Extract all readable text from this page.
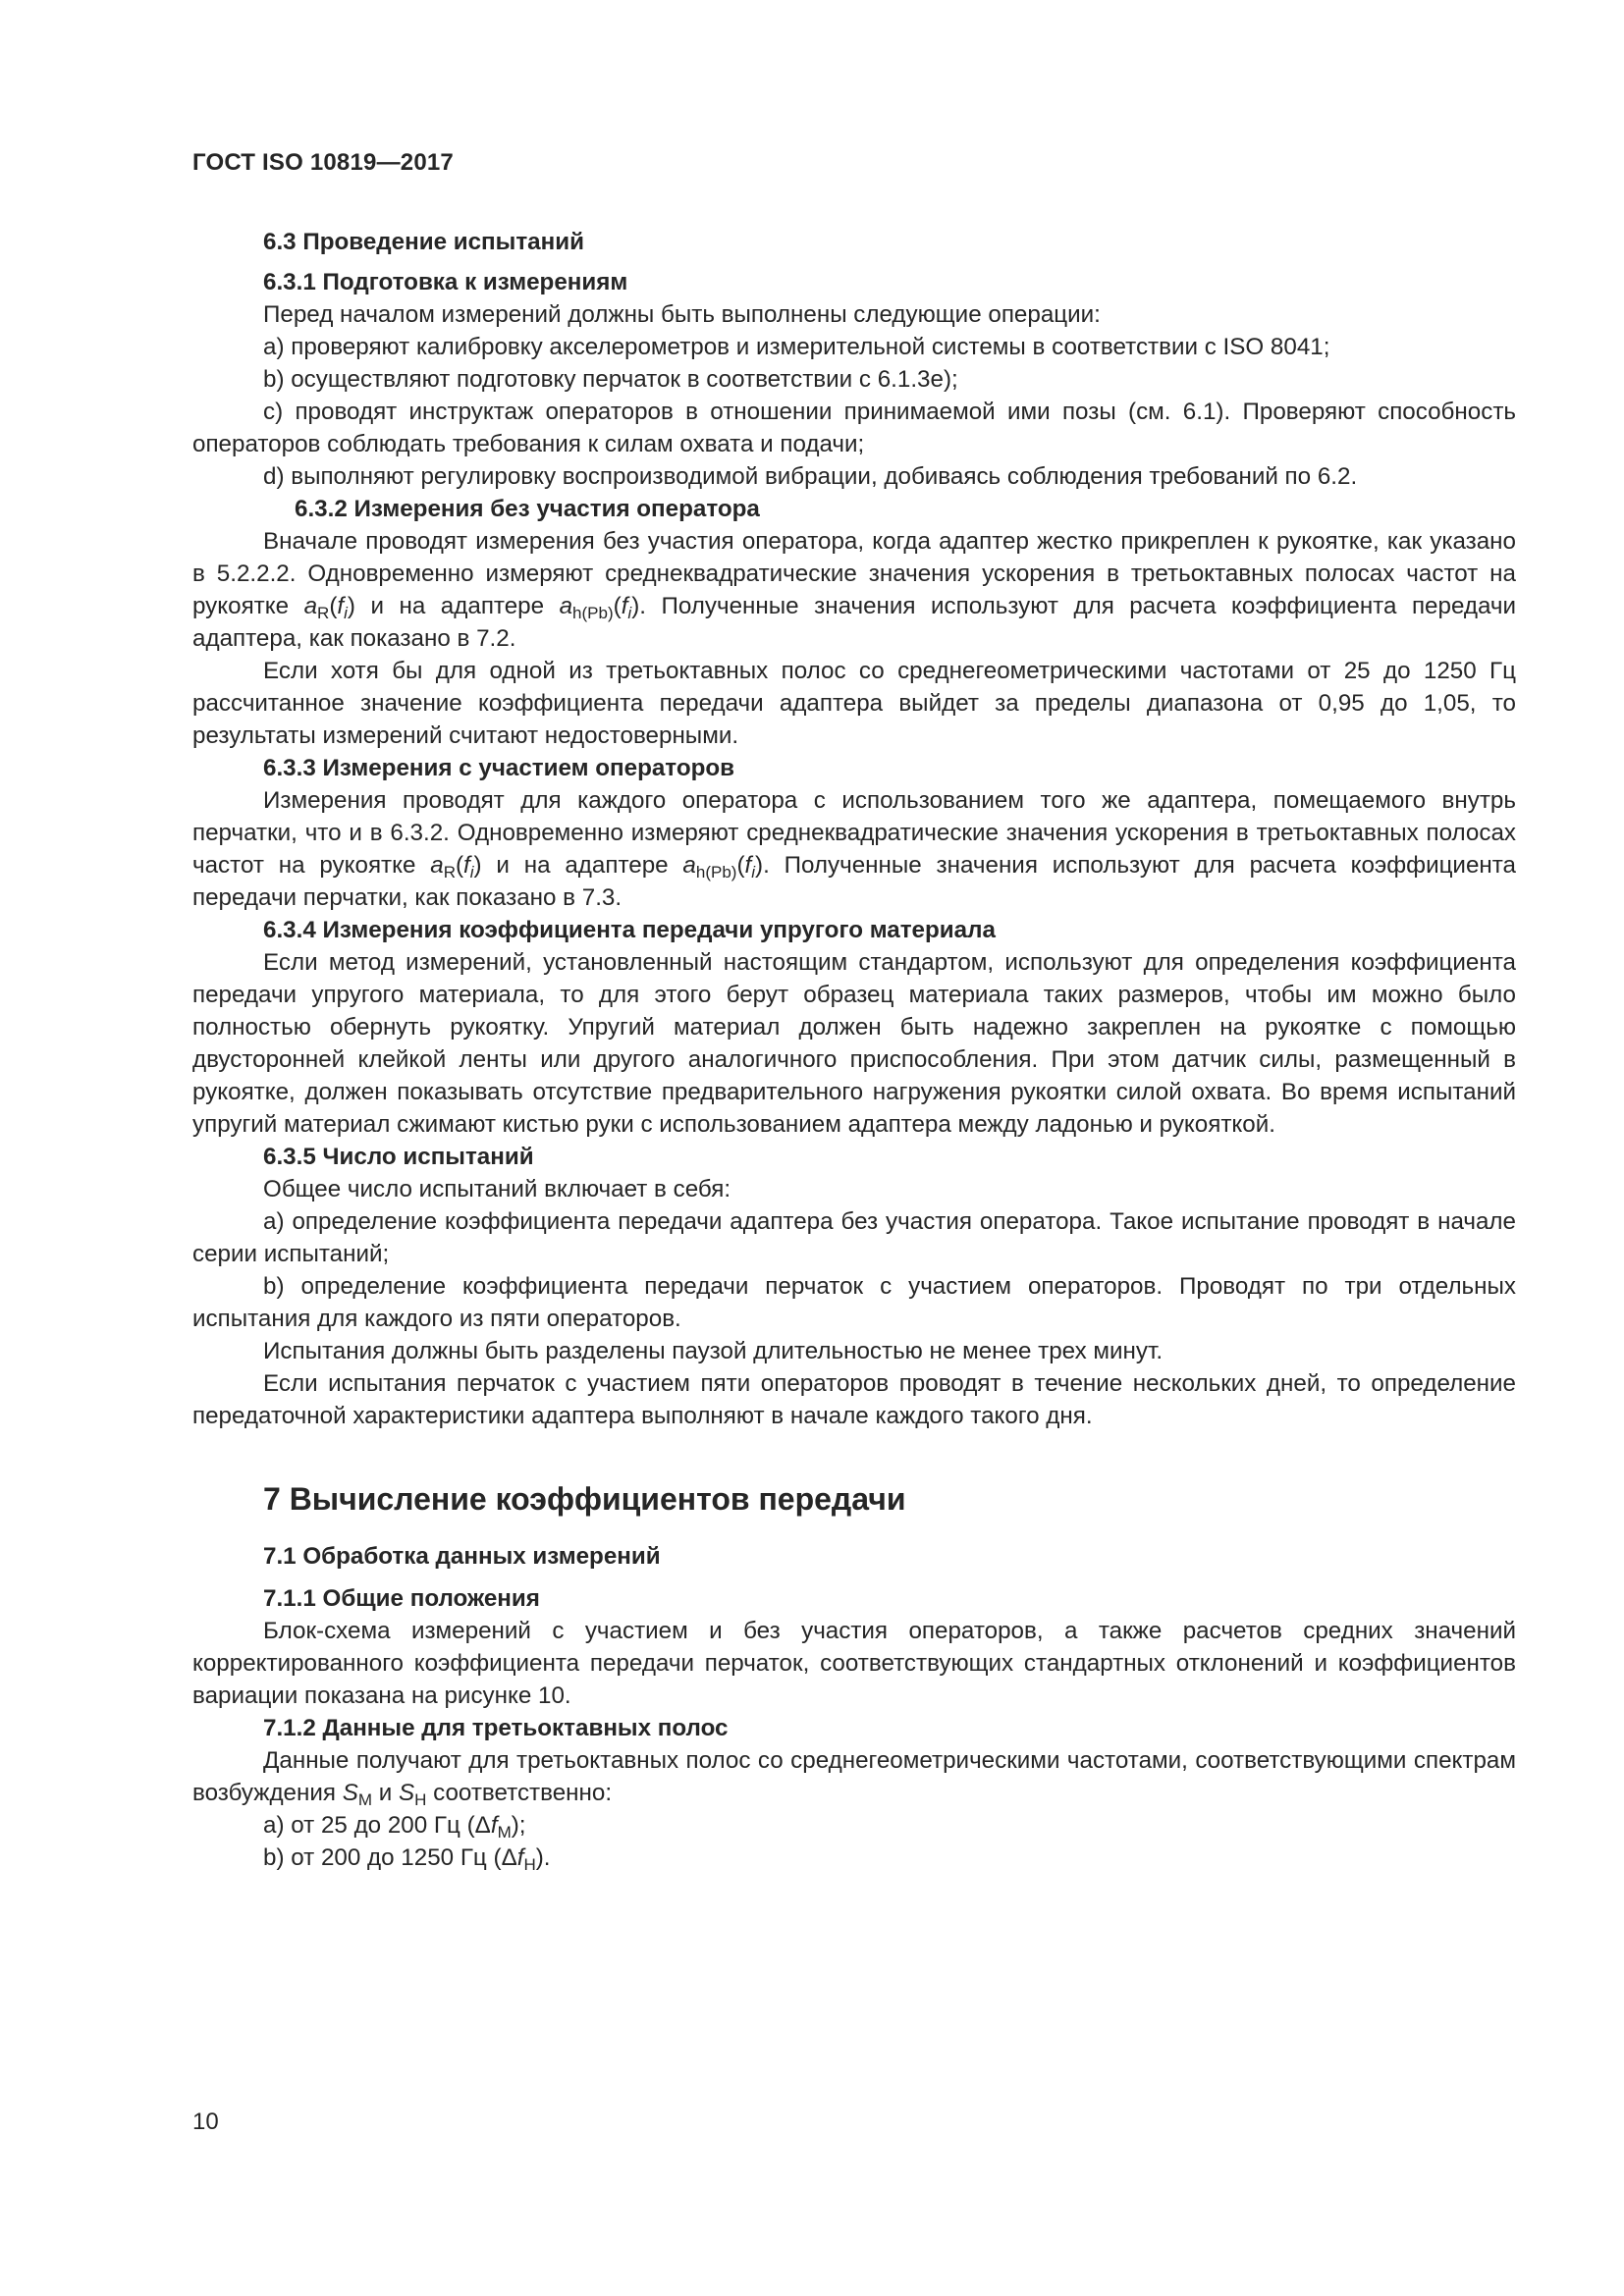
ГОСТ ISO 10819—2017
6.3 Проведение испытаний
6.3.1 Подготовка к измерениям

Перед началом измерений должны быть выполнены следующие операции:

a) проверяют калибровку акселерометров и измерительной системы в соответствии с ISO 8041;

b) осуществляют подготовку перчаток в соответствии с 6.1.3е);

c) проводят инструктаж операторов в отношении принимаемой ими позы (см. 6.1). Проверяют способность операторов соблюдать требования к силам охвата и подачи;

d) выполняют регулировку воспроизводимой вибрации, добиваясь соблюдения требований по 6.2.

6.3.2 Измерения без участия оператора

Вначале проводят измерения без участия оператора, когда адаптер жестко прикреплен к рукоятке, как указано в 5.2.2.2. Одновременно измеряют среднеквадратические значения ускорения в третьоктавных полосах частот на рукоятке $a_R(f_i)$ и на адаптере $a_{h(Pb)}(f_i)$. Полученные значения используют для расчета коэффициента передачи адаптера, как показано в 7.2.

Если хотя бы для одной из третьоктавных полос со среднегеометрическими частотами от 25 до 1250 Гц рассчитанное значение коэффициента передачи адаптера выйдет за пределы диапазона от 0,95 до 1,05, то результаты измерений считают недостоверными.

6.3.3 Измерения с участием операторов

Измерения проводят для каждого оператора с использованием того же адаптера, помещаемого внутрь перчатки, что и в 6.3.2. Одновременно измеряют среднеквадратические значения ускорения в третьоктавных полосах частот на рукоятке $a_R(f_i)$ и на адаптере $a_{h(Pb)}(f_i)$. Полученные значения используют для расчета коэффициента передачи перчатки, как показано в 7.3.

6.3.4 Измерения коэффициента передачи упругого материала

Если метод измерений, установленный настоящим стандартом, используют для определения коэффициента передачи упругого материала, то для этого берут образец материала таких размеров, чтобы им можно было полностью обернуть рукоятку. Упругий материал должен быть надежно закреплен на рукоятке с помощью двусторонней клейкой ленты или другого аналогичного приспособления. При этом датчик силы, размещенный в рукоятке, должен показывать отсутствие предварительного нагружения рукоятки силой охвата. Во время испытаний упругий материал сжимают кистью руки с использованием адаптера между ладонью и рукояткой.

6.3.5 Число испытаний

Общее число испытаний включает в себя:

a) определение коэффициента передачи адаптера без участия оператора. Такое испытание проводят в начале серии испытаний;

b) определение коэффициента передачи перчаток с участием операторов. Проводят по три отдельных испытания для каждого из пяти операторов.

Испытания должны быть разделены паузой длительностью не менее трех минут.

Если испытания перчаток с участием пяти операторов проводят в течение нескольких дней, то определение передаточной характеристики адаптера выполняют в начале каждого такого дня.

7 Вычисление коэффициентов передачи
7.1 Обработка данных измерений
7.1.1 Общие положения

Блок-схема измерений с участием и без участия операторов, а также расчетов средних значений корректированного коэффициента передачи перчаток, соответствующих стандартных отклонений и коэффициентов вариации показана на рисунке 10.

7.1.2 Данные для третьоктавных полос

Данные получают для третьоктавных полос со среднегеометрическими частотами, соответствующими спектрам возбуждения $S_M$ и $S_H$ соответственно:

a) от 25 до 200 Гц $(\Delta f_M)$;

b) от 200 до 1250 Гц $(\Delta f_H)$.

10
